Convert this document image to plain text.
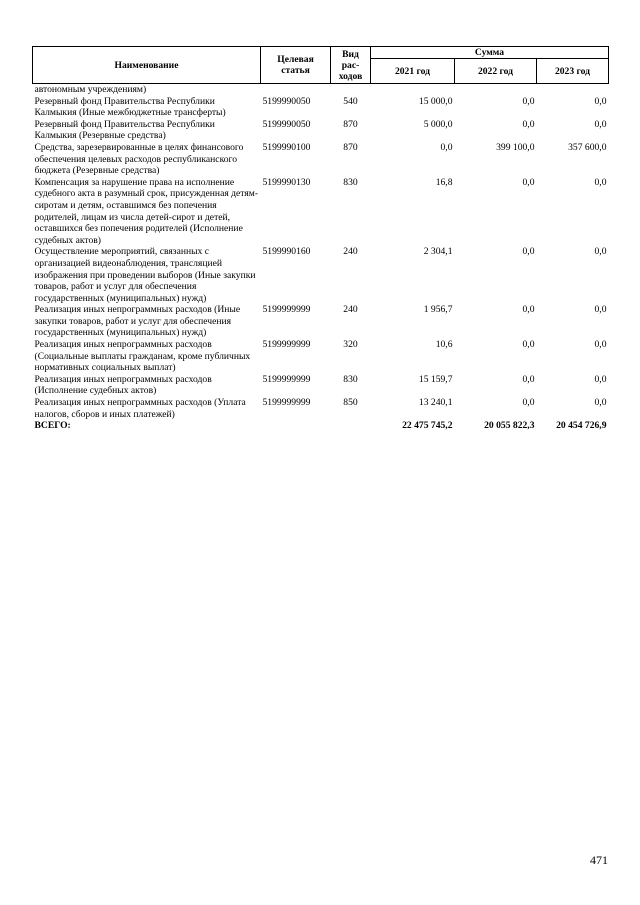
Наименование	Целевая статья	Вид рас-ходов	Сумма		
			2021 год	2022 год	2023 год
автономным учреждениям)					
Резервный фонд Правительства Республики Калмыкия (Иные межбюджетные трансферты)	5199990050	540	15 000,0	0,0	0,0
Резервный фонд Правительства Республики Калмыкия (Резервные средства)	5199990050	870	5 000,0	0,0	0,0
Средства, зарезервированные в целях финансового обеспечения целевых расходов республиканского бюджета (Резервные средства)	5199990100	870	0,0	399 100,0	357 600,0
Компенсация за нарушение права на исполнение судебного акта в разумный срок, присужденная детям-сиротам и детям, оставшимся без попечения родителей, лицам из числа детей-сирот и детей, оставшихся без попечения родителей (Исполнение судебных актов)	5199990130	830	16,8	0,0	0,0
Осуществление мероприятий, связанных с организацией видеонаблюдения, трансляцией изображения при проведении выборов (Иные закупки товаров, работ и услуг для обеспечения государственных (муниципальных) нужд)	5199990160	240	2 304,1	0,0	0,0
Реализация иных непрограммных расходов (Иные закупки товаров, работ и услуг для обеспечения государственных (муниципальных) нужд)	5199999999	240	1 956,7	0,0	0,0
Реализация иных непрограммных расходов (Социальные выплаты гражданам, кроме публичных нормативных социальных выплат)	5199999999	320	10,6	0,0	0,0
Реализация иных непрограммных расходов (Исполнение судебных актов)	5199999999	830	15 159,7	0,0	0,0
Реализация иных непрограммных расходов (Уплата налогов, сборов и иных платежей)	5199999999	850	13 240,1	0,0	0,0
ВСЕГО:			22 475 745,2	20 055 822,3	20 454 726,9
471
